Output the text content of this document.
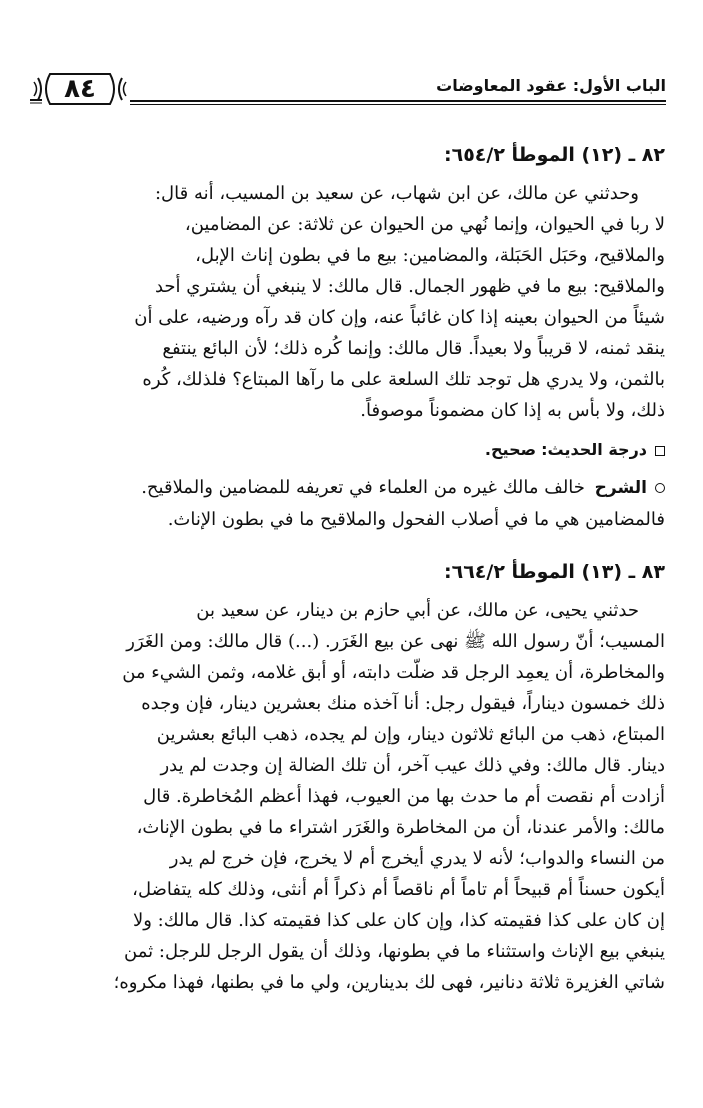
٨٤	الباب الأول: عقود المعاوضات
٨٢ ـ (١٢) الموطأ ٦٥٤/٢:
وحدثني عن مالك، عن ابن شهاب، عن سعيد بن المسيب، أنه قال:
لا ربا في الحيوان، وإنما نُهي من الحيوان عن ثلاثة: عن المضامين،
والملاقيح، وحَبَل الحَبَلة، والمضامين: بيع ما في بطون إناث الإبل،
والملاقيح: بيع ما في ظهور الجمال. قال مالك: لا ينبغي أن يشتري أحد
شيئاً من الحيوان بعينه إذا كان غائباً عنه، وإن كان قد رآه ورضيه، على أن
ينقد ثمنه، لا قريباً ولا بعيداً. قال مالك: وإنما كُره ذلك؛ لأن البائع ينتفع
بالثمن، ولا يدري هل توجد تلك السلعة على ما رآها المبتاع؟ فلذلك، كُره
ذلك، ولا بأس به إذا كان مضموناً موصوفاً.
درجة الحديث: صحيح.
الشرح خالف مالك غيره من العلماء في تعريفه للمضامين والملاقيح.
فالمضامين هي ما في أصلاب الفحول والملاقيح ما في بطون الإناث.
٨٣ ـ (١٣) الموطأ ٦٦٤/٢:
حدثني يحيى، عن مالك، عن أبي حازم بن دينار، عن سعيد بن
المسيب؛ أنّ رسول الله ﷺ نهى عن بيع الغَرَر. (...) قال مالك: ومن الغَرَر
والمخاطرة، أن يعمِد الرجل قد ضلّت دابته، أو أبق غلامه، وثمن الشيء من
ذلك خمسون ديناراً، فيقول رجل: أنا آخذه منك بعشرين دينار، فإن وجده
المبتاع، ذهب من البائع ثلاثون دينار، وإن لم يجده، ذهب البائع بعشرين
دينار. قال مالك: وفي ذلك عيب آخر، أن تلك الضالة إن وجدت لم يدر
أزادت أم نقصت أم ما حدث بها من العيوب، فهذا أعظم المُخاطرة. قال
مالك: والأمر عندنا، أن من المخاطرة والغَرَر اشتراء ما في بطون الإناث،
من النساء والدواب؛ لأنه لا يدري أيخرج أم لا يخرج، فإن خرج لم يدر
أيكون حسناً أم قبيحاً أم تاماً أم ناقصاً أم ذكراً أم أنثى، وذلك كله يتفاضل،
إن كان على كذا فقيمته كذا، وإن كان على كذا فقيمته كذا. قال مالك: ولا
ينبغي بيع الإناث واستثناء ما في بطونها، وذلك أن يقول الرجل للرجل: ثمن
شاتي الغزيرة ثلاثة دنانير، فهى لك بدينارين، ولي ما في بطنها، فهذا مكروه؛
